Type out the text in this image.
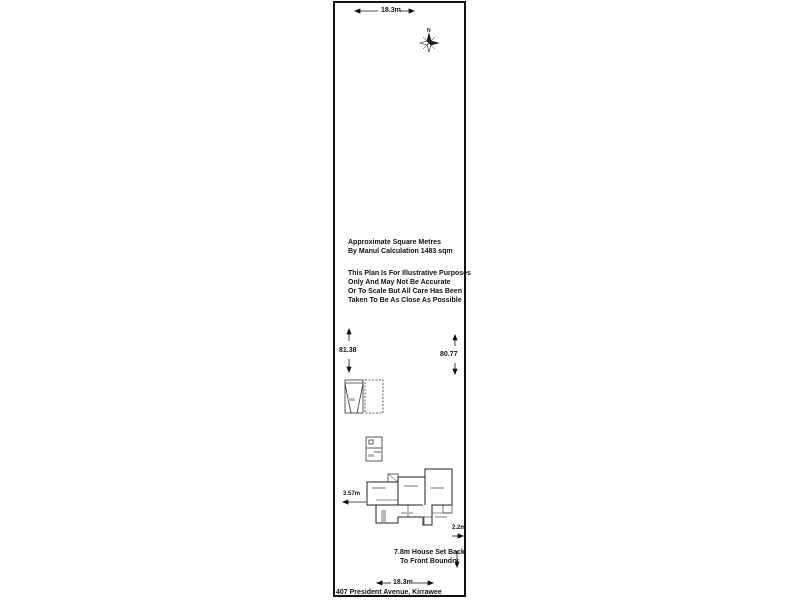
18.3m
N
Approximate Square Metres
By Manul Calculation 1483 sqm
This Plan Is For Illustrative Purposes
Only And May Not Be Accurate
Or To Scale But All Care Has Been
Taken To Be As Close As Possible
81.38
80.77
3.57m
2.2m
7.8m House Set Back
To Front Boundry
18.3m
407 President Avenue, Kirrawee
